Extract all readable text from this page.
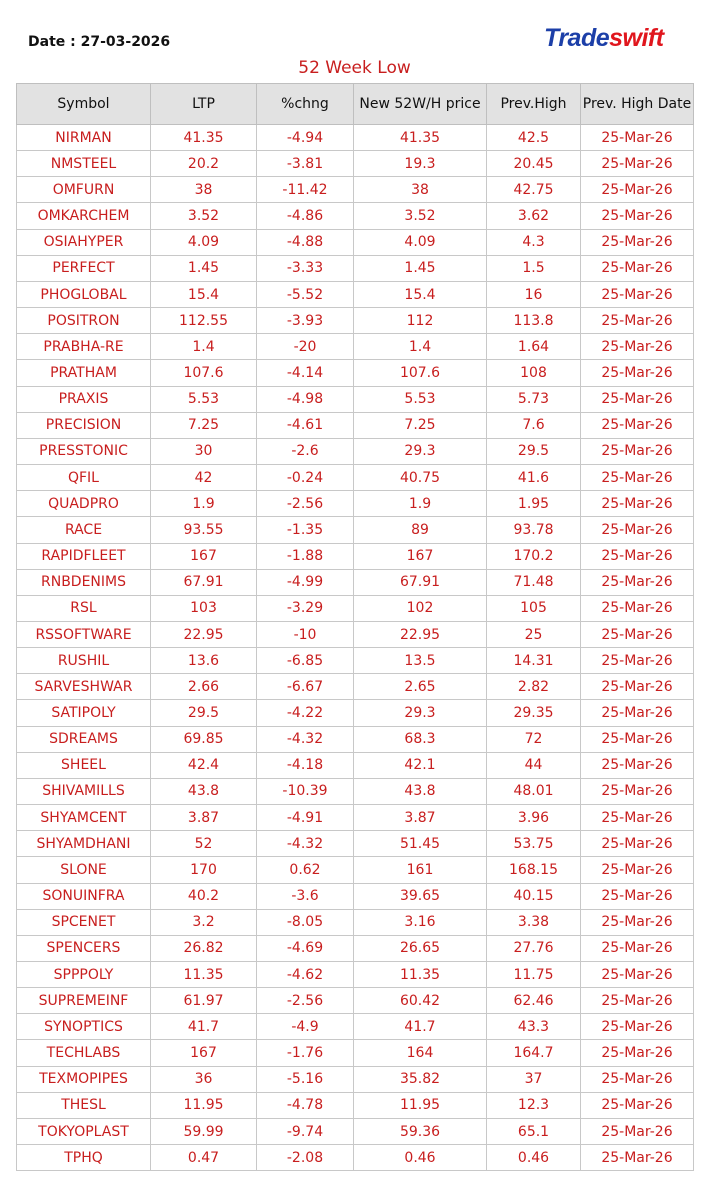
Date : 27-03-2026	Tradeswift
52 Week Low
Symbol	LTP	%chng	New 52W/H price	Prev.High	Prev. High Date
NIRMAN	41.35	-4.94	41.35	42.5	25-Mar-26
NMSTEEL	20.2	-3.81	19.3	20.45	25-Mar-26
OMFURN	38	-11.42	38	42.75	25-Mar-26
OMKARCHEM	3.52	-4.86	3.52	3.62	25-Mar-26
OSIAHYPER	4.09	-4.88	4.09	4.3	25-Mar-26
PERFECT	1.45	-3.33	1.45	1.5	25-Mar-26
PHOGLOBAL	15.4	-5.52	15.4	16	25-Mar-26
POSITRON	112.55	-3.93	112	113.8	25-Mar-26
PRABHA-RE	1.4	-20	1.4	1.64	25-Mar-26
PRATHAM	107.6	-4.14	107.6	108	25-Mar-26
PRAXIS	5.53	-4.98	5.53	5.73	25-Mar-26
PRECISION	7.25	-4.61	7.25	7.6	25-Mar-26
PRESSTONIC	30	-2.6	29.3	29.5	25-Mar-26
QFIL	42	-0.24	40.75	41.6	25-Mar-26
QUADPRO	1.9	-2.56	1.9	1.95	25-Mar-26
RACE	93.55	-1.35	89	93.78	25-Mar-26
RAPIDFLEET	167	-1.88	167	170.2	25-Mar-26
RNBDENIMS	67.91	-4.99	67.91	71.48	25-Mar-26
RSL	103	-3.29	102	105	25-Mar-26
RSSOFTWARE	22.95	-10	22.95	25	25-Mar-26
RUSHIL	13.6	-6.85	13.5	14.31	25-Mar-26
SARVESHWAR	2.66	-6.67	2.65	2.82	25-Mar-26
SATIPOLY	29.5	-4.22	29.3	29.35	25-Mar-26
SDREAMS	69.85	-4.32	68.3	72	25-Mar-26
SHEEL	42.4	-4.18	42.1	44	25-Mar-26
SHIVAMILLS	43.8	-10.39	43.8	48.01	25-Mar-26
SHYAMCENT	3.87	-4.91	3.87	3.96	25-Mar-26
SHYAMDHANI	52	-4.32	51.45	53.75	25-Mar-26
SLONE	170	0.62	161	168.15	25-Mar-26
SONUINFRA	40.2	-3.6	39.65	40.15	25-Mar-26
SPCENET	3.2	-8.05	3.16	3.38	25-Mar-26
SPENCERS	26.82	-4.69	26.65	27.76	25-Mar-26
SPPPOLY	11.35	-4.62	11.35	11.75	25-Mar-26
SUPREMEINF	61.97	-2.56	60.42	62.46	25-Mar-26
SYNOPTICS	41.7	-4.9	41.7	43.3	25-Mar-26
TECHLABS	167	-1.76	164	164.7	25-Mar-26
TEXMOPIPES	36	-5.16	35.82	37	25-Mar-26
THESL	11.95	-4.78	11.95	12.3	25-Mar-26
TOKYOPLAST	59.99	-9.74	59.36	65.1	25-Mar-26
TPHQ	0.47	-2.08	0.46	0.46	25-Mar-26
